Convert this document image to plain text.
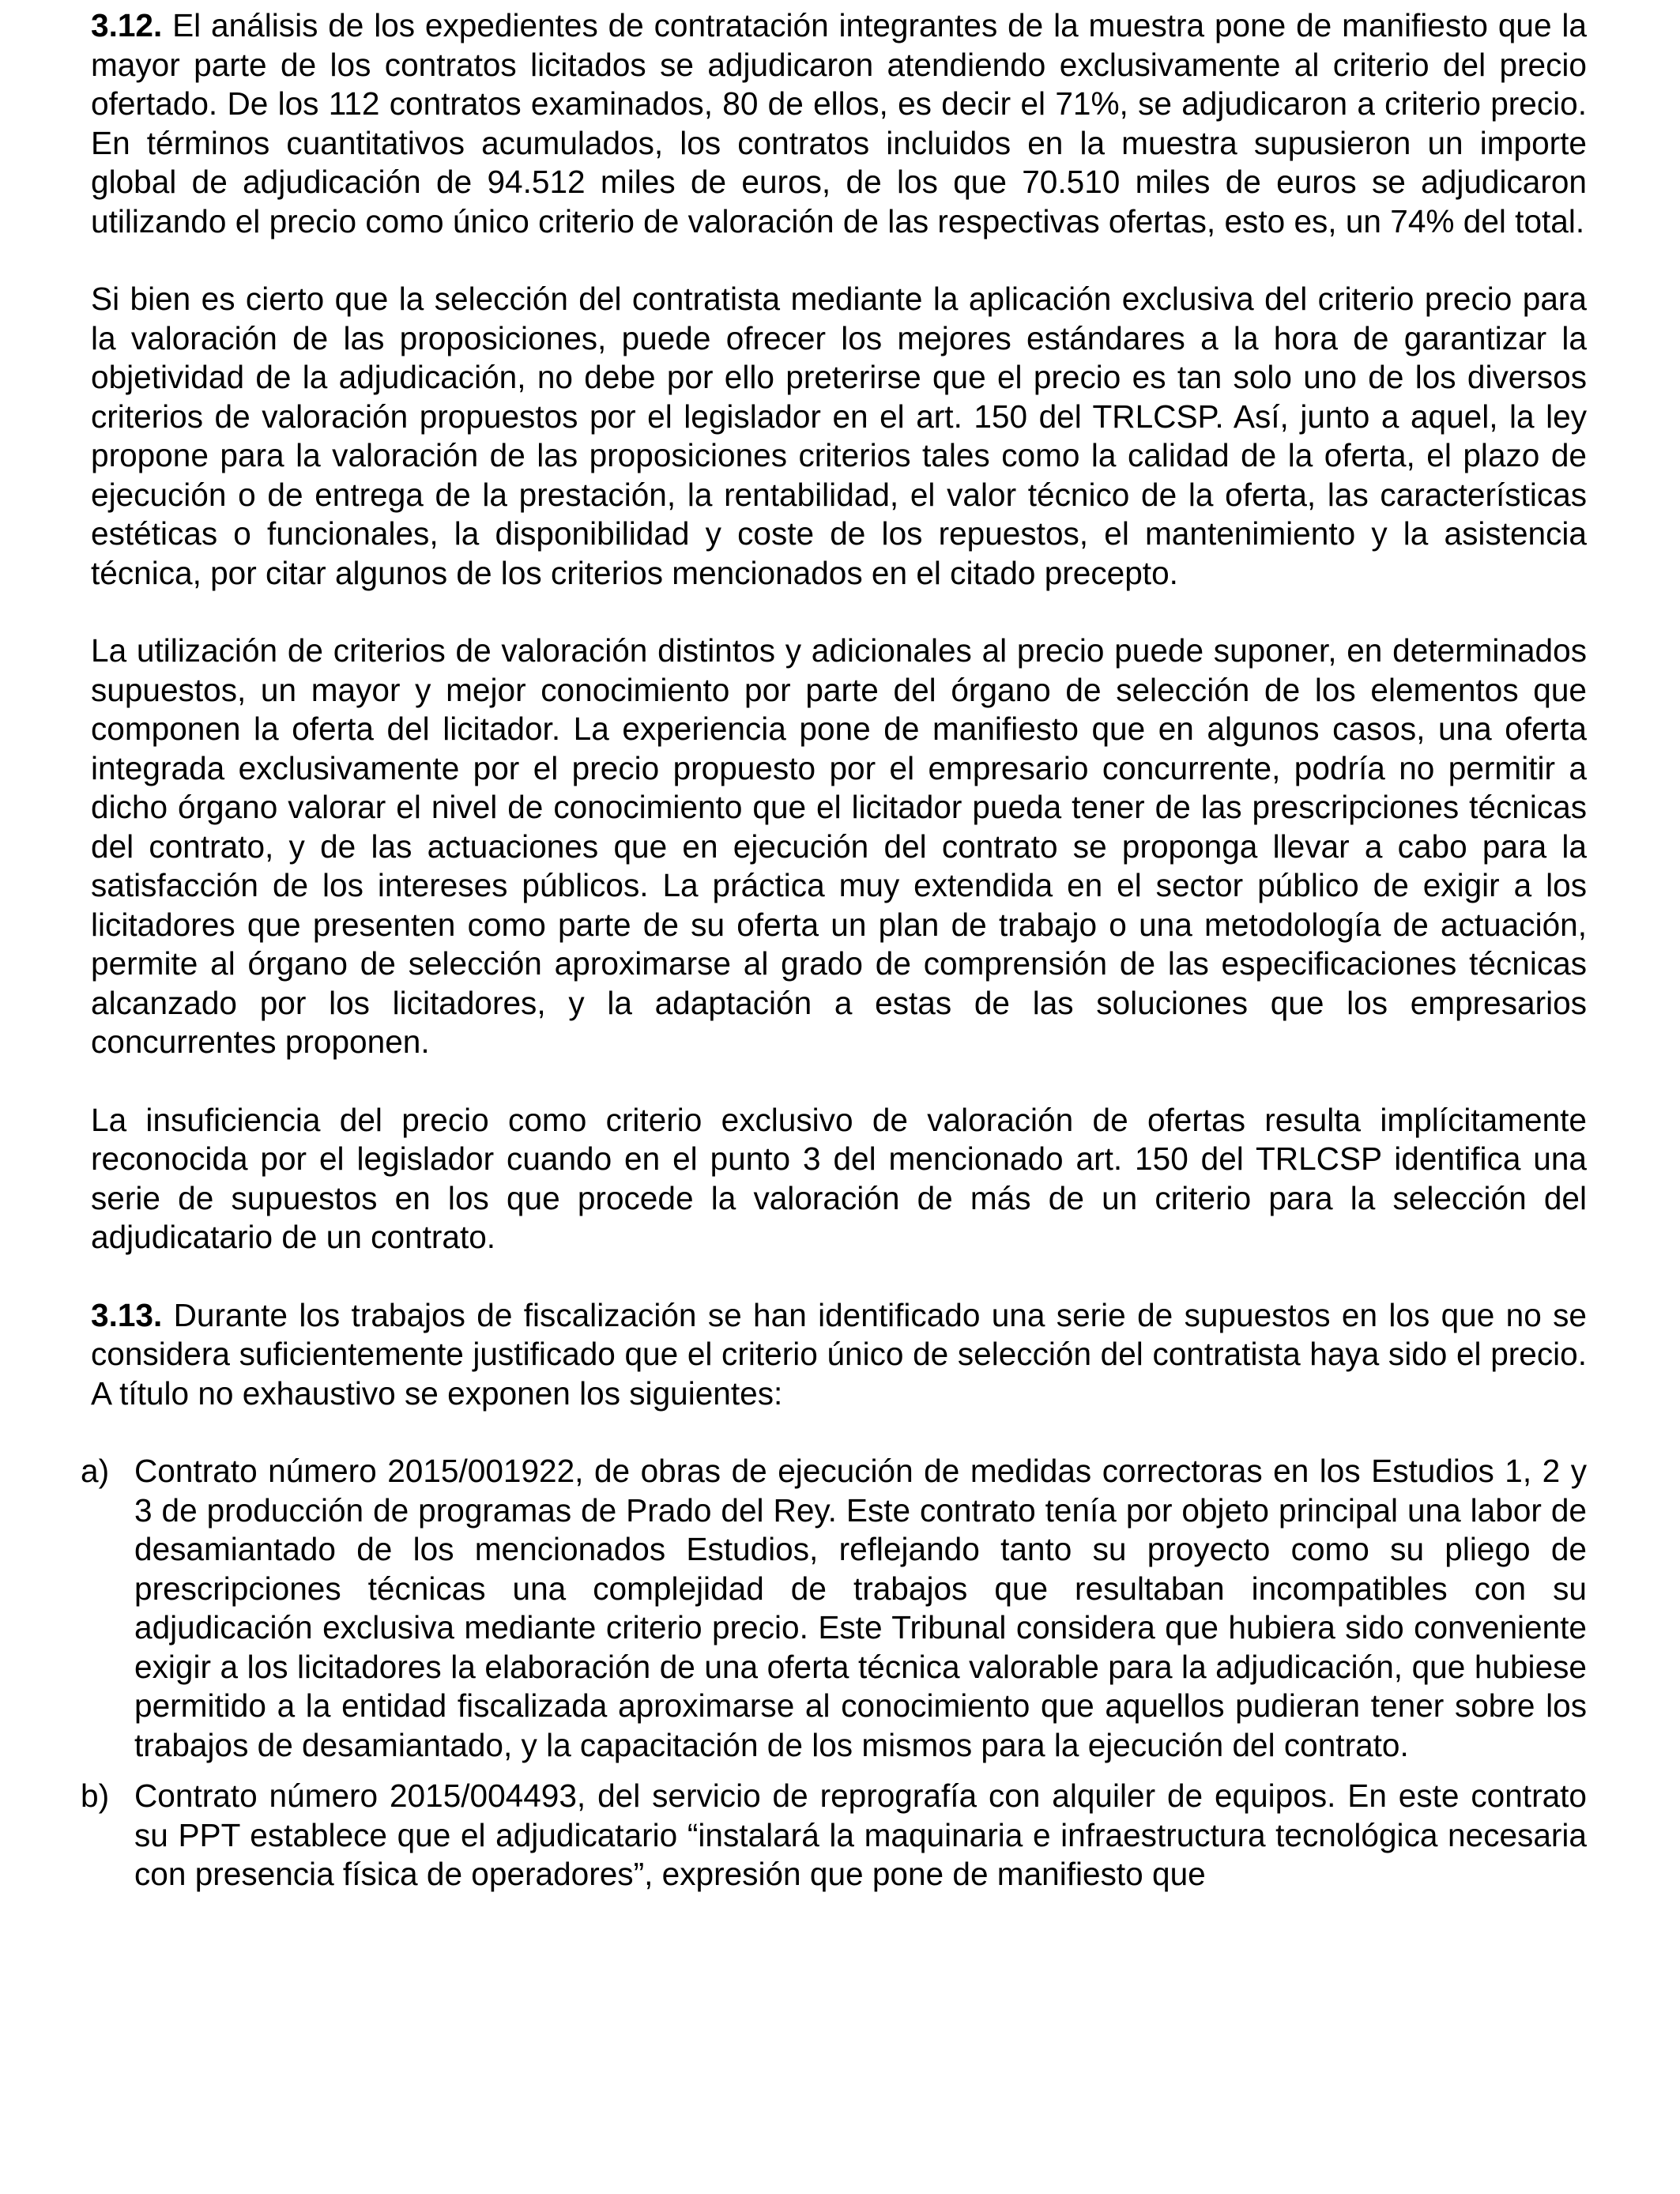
3.12. El análisis de los expedientes de contratación integrantes de la muestra pone de manifiesto que la mayor parte de los contratos licitados se adjudicaron atendiendo exclusivamente al criterio del precio ofertado. De los 112 contratos examinados, 80 de ellos, es decir el 71%, se adjudicaron a criterio precio. En términos cuantitativos acumulados, los contratos incluidos en la muestra supusieron un importe global de adjudicación de 94.512 miles de euros, de los que 70.510 miles de euros se adjudicaron utilizando el precio como único criterio de valoración de las respectivas ofertas, esto es, un 74% del total.

Si bien es cierto que la selección del contratista mediante la aplicación exclusiva del criterio precio para la valoración de las proposiciones, puede ofrecer los mejores estándares a la hora de garantizar la objetividad de la adjudicación, no debe por ello preterirse que el precio es tan solo uno de los diversos criterios de valoración propuestos por el legislador en el art. 150 del TRLCSP. Así, junto a aquel, la ley propone para la valoración de las proposiciones criterios tales como la calidad de la oferta, el plazo de ejecución o de entrega de la prestación, la rentabilidad, el valor técnico de la oferta, las características estéticas o funcionales, la disponibilidad y coste de los repuestos, el mantenimiento y la asistencia técnica, por citar algunos de los criterios mencionados en el citado precepto.

La utilización de criterios de valoración distintos y adicionales al precio puede suponer, en determinados supuestos, un mayor y mejor conocimiento por parte del órgano de selección de los elementos que componen la oferta del licitador. La experiencia pone de manifiesto que en algunos casos, una oferta integrada exclusivamente por el precio propuesto por el empresario concurrente, podría no permitir a dicho órgano valorar el nivel de conocimiento que el licitador pueda tener de las prescripciones técnicas del contrato, y de las actuaciones que en ejecución del contrato se proponga llevar a cabo para la satisfacción de los intereses públicos. La práctica muy extendida en el sector público de exigir a los licitadores que presenten como parte de su oferta un plan de trabajo o una metodología de actuación, permite al órgano de selección aproximarse al grado de comprensión de las especificaciones técnicas alcanzado por los licitadores, y la adaptación a estas de las soluciones que los empresarios concurrentes proponen.

La insuficiencia del precio como criterio exclusivo de valoración de ofertas resulta implícitamente reconocida por el legislador cuando en el punto 3 del mencionado art. 150 del TRLCSP identifica una serie de supuestos en los que procede la valoración de más de un criterio para la selección del adjudicatario de un contrato.

3.13. Durante los trabajos de fiscalización se han identificado una serie de supuestos en los que no se considera suficientemente justificado que el criterio único de selección del contratista haya sido el precio. A título no exhaustivo se exponen los siguientes:

a) Contrato número 2015/001922, de obras de ejecución de medidas correctoras en los Estudios 1, 2 y 3 de producción de programas de Prado del Rey. Este contrato tenía por objeto principal una labor de desamiantado de los mencionados Estudios, reflejando tanto su proyecto como su pliego de prescripciones técnicas una complejidad de trabajos que resultaban incompatibles con su adjudicación exclusiva mediante criterio precio. Este Tribunal considera que hubiera sido conveniente exigir a los licitadores la elaboración de una oferta técnica valorable para la adjudicación, que hubiese permitido a la entidad fiscalizada aproximarse al conocimiento que aquellos pudieran tener sobre los trabajos de desamiantado, y la capacitación de los mismos para la ejecución del contrato.

b) Contrato número 2015/004493, del servicio de reprografía con alquiler de equipos. En este contrato su PPT establece que el adjudicatario “instalará la maquinaria e infraestructura tecnológica necesaria con presencia física de operadores”, expresión que pone de manifiesto que
